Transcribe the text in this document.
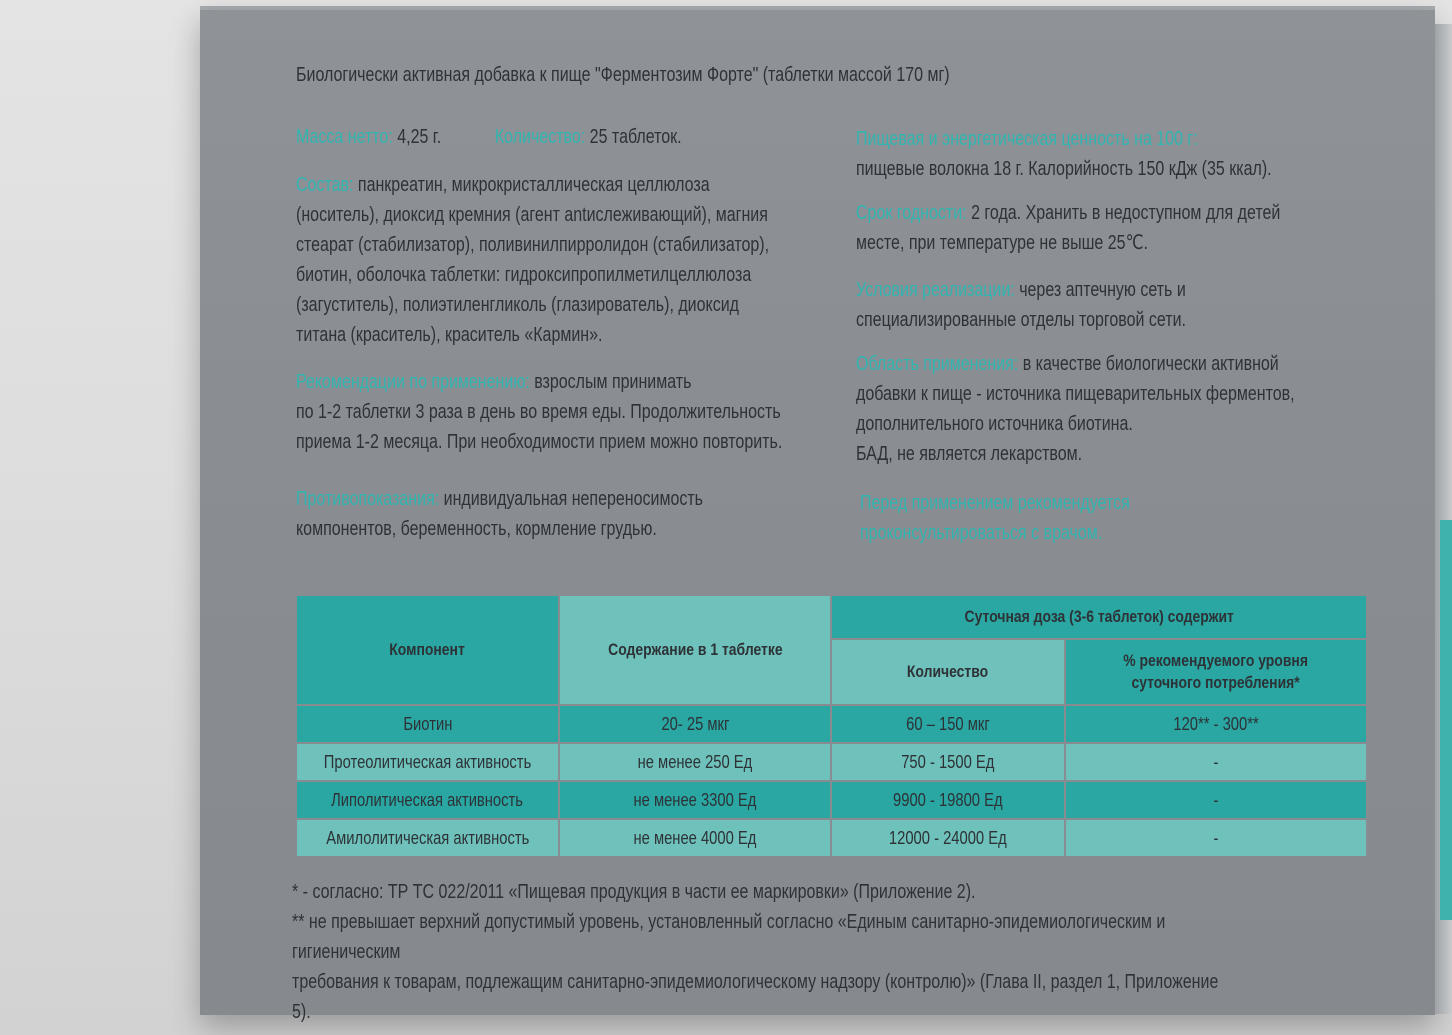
Биологически активная добавка к пище "Ферментозим Форте" (таблетки массой 170 мг)
Масса нетто: 4,25 г.	Количество: 25 таблеток.
Состав: панкреатин, микрокристаллическая целлюлоза
(носитель), диоксид кремния (агент antислеживающий), магния
стеарат (стабилизатор), поливинилпирролидон (стабилизатор),
биотин, оболочка таблетки: гидроксипропилметилцеллюлоза
(загуститель), полиэтиленгликоль (глазирователь), диоксид
титана (краситель), краситель «Кармин».
Рекомендации по применению: взрослым принимать
по 1-2 таблетки 3 раза в день во время еды. Продолжительность
приема 1-2 месяца. При необходимости прием можно повторить.
Противопоказания: индивидуальная непереносимость
компонентов, беременность, кормление грудью.
Пищевая и энергетическая ценность на 100 г:
пищевые волокна 18 г. Калорийность 150 кДж (35 ккал).
Срок годности: 2 года. Хранить в недоступном для детей
месте, при температуре не выше 25℃.
Условия реализации: через аптечную сеть и
специализированные отделы торговой сети.
Область применения: в качестве биологически активной
добавки к пище - источника пищеварительных ферментов,
дополнительного источника биотина.
БАД, не является лекарством.
Перед применением рекомендуется
проконсультироваться с врачом.
Компонент	Содержание в 1 таблетке	Суточная доза (3-6 таблеток) содержит	
		Количество	% рекомендуемого уровня
суточного потребления*
Биотин	20- 25 мкг	60 – 150 мкг	120** - 300**
Протеолитическая активность	не менее 250 Ед	750 - 1500 Ед	-
Липолитическая активность	не менее 3300 Ед	9900 - 19800 Ед	-
Амилолитическая активность	не менее 4000 Ед	12000 - 24000 Ед	-
* - согласно: ТР ТС 022/2011 «Пищевая продукция в части ее маркировки» (Приложение 2).
** не превышает верхний допустимый уровень, установленный согласно «Единым санитарно-эпидемиологическим и гигиеническим
требования к товарам, подлежащим санитарно-эпидемиологическому надзору (контролю)» (Глава II, раздел 1, Приложение 5).
